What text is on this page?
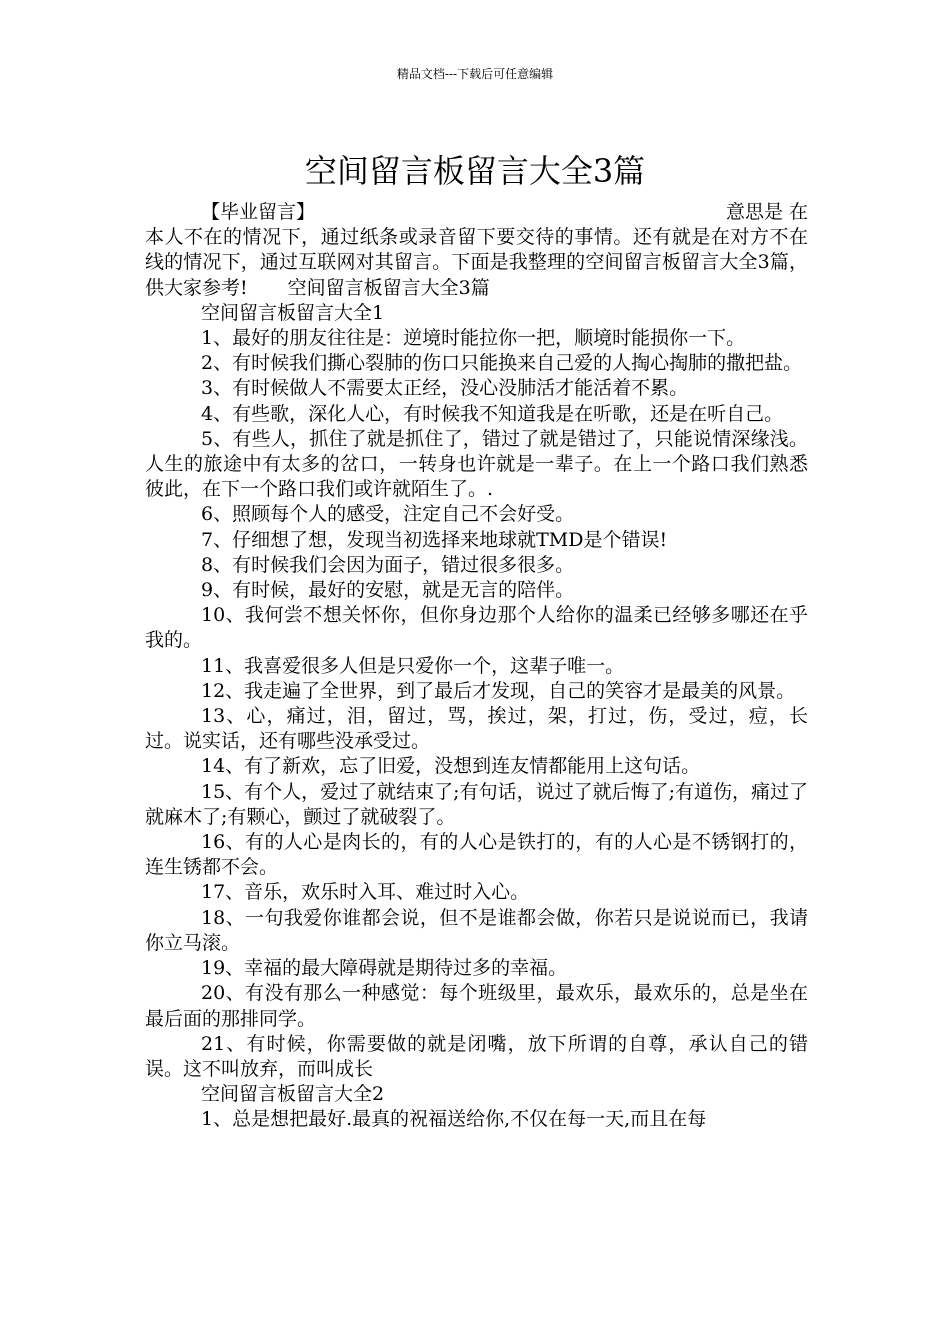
精品文档---下载后可任意编辑
空间留言板留言大全3篇

【毕业留言】	意思是 在

本人不在的情况下，通过纸条或录音留下要交待的事情。还有就是在对方不在线的情况下，通过互联网对其留言。下面是我整理的空间留言板留言大全3篇，供大家参考! 空间留言板留言大全3篇

空间留言板留言大全1

1、最好的朋友往往是：逆境时能拉你一把，顺境时能损你一下。

2、有时候我们撕心裂肺的伤口只能换来自己爱的人掏心掏肺的撒把盐。

3、有时候做人不需要太正经，没心没肺活才能活着不累。

4、有些歌，深化人心，有时候我不知道我是在听歌，还是在听自己。

5、有些人，抓住了就是抓住了，错过了就是错过了，只能说情深缘浅。人生的旅途中有太多的岔口，一转身也许就是一辈子。在上一个路口我们熟悉彼此，在下一个路口我们或许就陌生了。.

6、照顾每个人的感受，注定自己不会好受。

7、仔细想了想，发现当初选择来地球就TMD是个错误!

8、有时候我们会因为面子，错过很多很多。

9、有时候，最好的安慰，就是无言的陪伴。

10、我何尝不想关怀你，但你身边那个人给你的温柔已经够多哪还在乎我的。

11、我喜爱很多人但是只爱你一个，这辈子唯一。

12、我走遍了全世界，到了最后才发现，自己的笑容才是最美的风景。

13、心，痛过，泪，留过，骂，挨过，架，打过，伤，受过，痘，长过。说实话，还有哪些没承受过。

14、有了新欢，忘了旧爱，没想到连友情都能用上这句话。

15、有个人，爱过了就结束了;有句话，说过了就后悔了;有道伤，痛过了就麻木了;有颗心，颤过了就破裂了。

16、有的人心是肉长的，有的人心是铁打的，有的人心是不锈钢打的，连生锈都不会。

17、音乐，欢乐时入耳、难过时入心。

18、一句我爱你谁都会说，但不是谁都会做，你若只是说说而已，我请你立马滚。

19、幸福的最大障碍就是期待过多的幸福。

20、有没有那么一种感觉：每个班级里，最欢乐，最欢乐的，总是坐在最后面的那排同学。

21、有时候，你需要做的就是闭嘴，放下所谓的自尊，承认自己的错误。这不叫放弃，而叫成长

空间留言板留言大全2

1、总是想把最好.最真的祝福送给你,不仅在每一天,而且在每
